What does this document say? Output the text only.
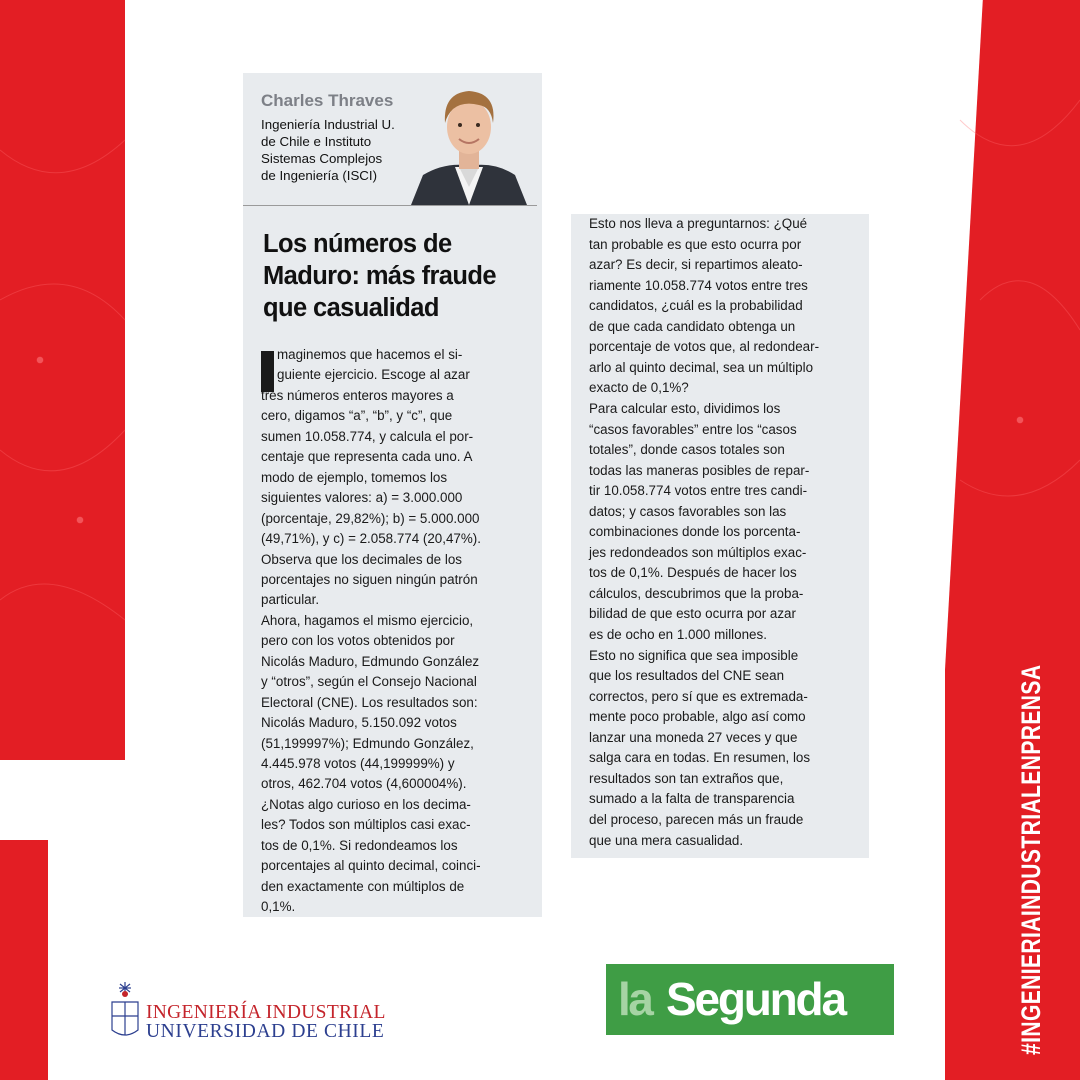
#INGENIERIAINDUSTRIALENPRENSA
Charles Thraves
Ingeniería Industrial U.
de Chile e Instituto
Sistemas Complejos
de Ingeniería (ISCI)
Los números de
Maduro: más fraude
que casualidad
maginemos que hacemos el si-
guiente ejercicio. Escoge al azar
tres números enteros mayores a
cero, digamos “a”, “b”, y “c”, que
sumen 10.058.774, y calcula el por-
centaje que representa cada uno. A
modo de ejemplo, tomemos los
siguientes valores: a) = 3.000.000
(porcentaje, 29,82%); b) = 5.000.000
(49,71%), y c) = 2.058.774 (20,47%).
Observa que los decimales de los
porcentajes no siguen ningún patrón
particular.
Ahora, hagamos el mismo ejercicio,
pero con los votos obtenidos por
Nicolás Maduro, Edmundo González
y “otros”, según el Consejo Nacional
Electoral (CNE). Los resultados son:
Nicolás Maduro, 5.150.092 votos
(51,199997%); Edmundo González,
4.445.978 votos (44,199999%) y
otros, 462.704 votos (4,600004%).
¿Notas algo curioso en los decima-
les? Todos son múltiplos casi exac-
tos de 0,1%. Si redondeamos los
porcentajes al quinto decimal, coinci-
den exactamente con múltiplos de
0,1%.
Esto nos lleva a preguntarnos: ¿Qué
tan probable es que esto ocurra por
azar? Es decir, si repartimos aleato-
riamente 10.058.774 votos entre tres
candidatos, ¿cuál es la probabilidad
de que cada candidato obtenga un
porcentaje de votos que, al redondear-
arlo al quinto decimal, sea un múltiplo
exacto de 0,1%?
Para calcular esto, dividimos los
“casos favorables” entre los “casos
totales”, donde casos totales son
todas las maneras posibles de repar-
tir 10.058.774 votos entre tres candi-
datos; y casos favorables son las
combinaciones donde los porcenta-
jes redondeados son múltiplos exac-
tos de 0,1%. Después de hacer los
cálculos, descubrimos que la proba-
bilidad de que esto ocurra por azar
es de ocho en 1.000 millones.
Esto no significa que sea imposible
que los resultados del CNE sean
correctos, pero sí que es extremada-
mente poco probable, algo así como
lanzar una moneda 27 veces y que
salga cara en todas. En resumen, los
resultados son tan extraños que,
sumado a la falta de transparencia
del proceso, parecen más un fraude
que una mera casualidad.
INGENIERÍA INDUSTRIAL
UNIVERSIDAD DE CHILE
la Segunda
